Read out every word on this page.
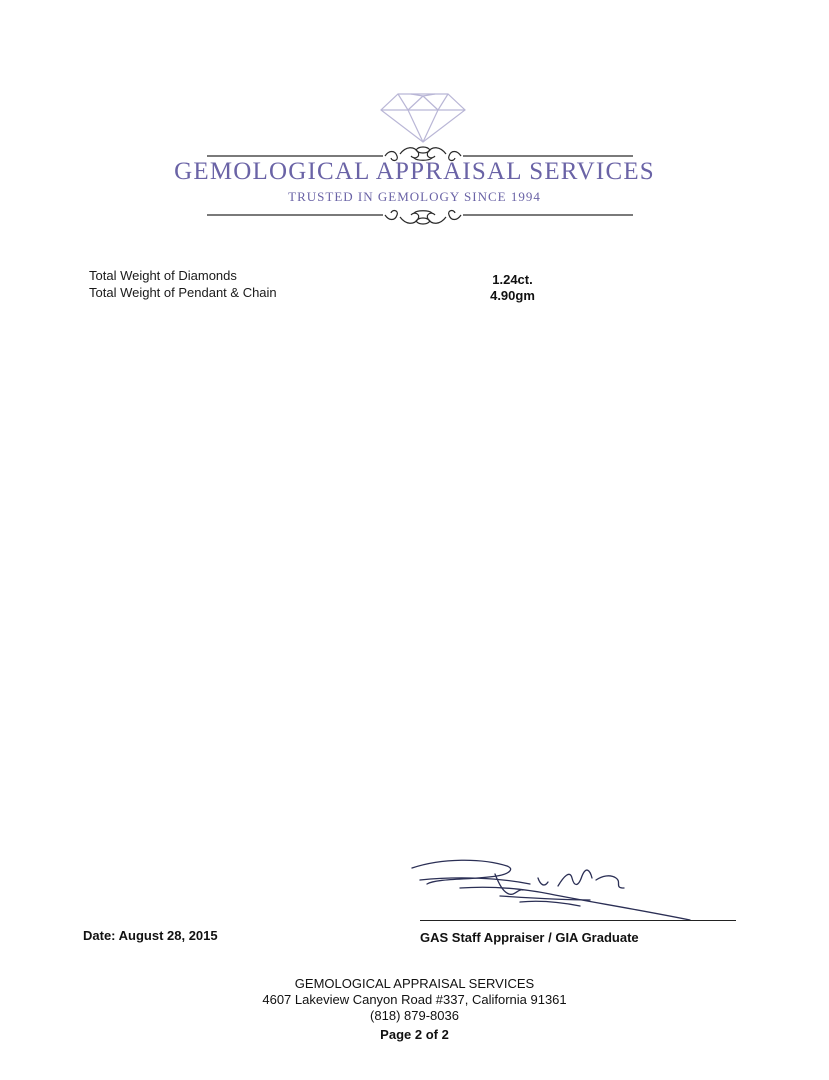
GEMOLOGICAL APPRAISAL SERVICES
TRUSTED IN GEMOLOGY SINCE 1994
Total Weight of Diamonds	1.24ct.
Total Weight of Pendant & Chain	4.90gm
GAS Staff Appraiser / GIA Graduate
Date: August 28, 2015
GEMOLOGICAL APPRAISAL SERVICES
4607 Lakeview Canyon Road #337, California 91361
(818) 879-8036
Page 2 of 2
